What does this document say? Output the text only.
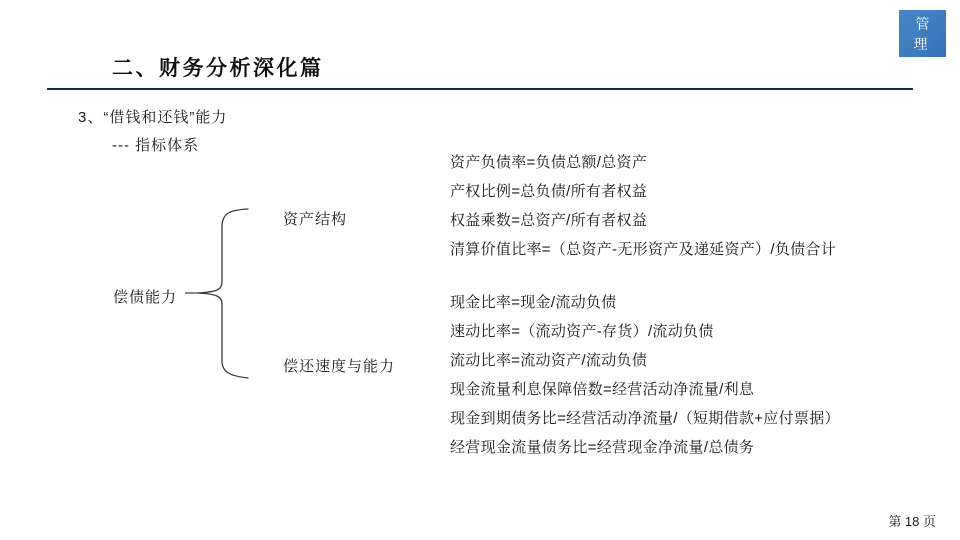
管 理
智 库
二、财务分析深化篇
3、“借钱和还钱”能力
--- 指标体系
偿债能力
资产结构
偿还速度与能力
资产负债率=负债总额/总资产
产权比例=总负债/所有者权益
权益乘数=总资产/所有者权益
清算价值比率=（总资产-无形资产及递延资产）/负债合计
现金比率=现金/流动负债
速动比率=（流动资产-存货）/流动负债
流动比率=流动资产/流动负债
现金流量利息保障倍数=经营活动净流量/利息
现金到期债务比=经营活动净流量/（短期借款+应付票据）
经营现金流量债务比=经营现金净流量/总债务
第 18 页
